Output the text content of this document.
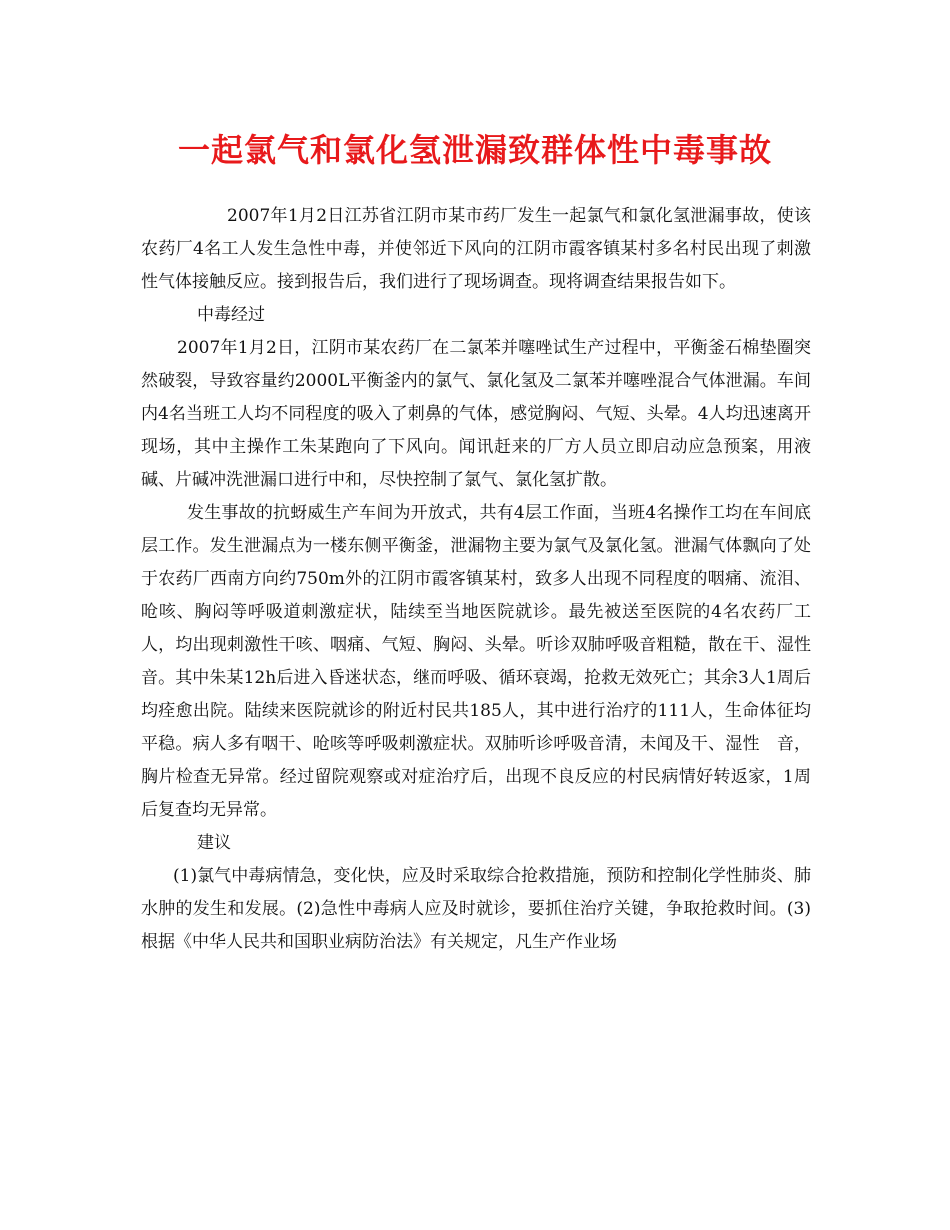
一起氯气和氯化氢泄漏致群体性中毒事故

2007年1月2日江苏省江阴市某市药厂发生一起氯气和氯化氢泄漏事故，使该农药厂4名工人发生急性中毒，并使邻近下风向的江阴市霞客镇某村多名村民出现了刺激性气体接触反应。接到报告后，我们进行了现场调查。现将调查结果报告如下。

中毒经过

2007年1月2日，江阴市某农药厂在二氯苯并噻唑试生产过程中，平衡釜石棉垫圈突然破裂，导致容量约2000L平衡釜内的氯气、氯化氢及二氯苯并噻唑混合气体泄漏。车间内4名当班工人均不同程度的吸入了刺鼻的气体，感觉胸闷、气短、头晕。4人均迅速离开现场，其中主操作工朱某跑向了下风向。闻讯赶来的厂方人员立即启动应急预案，用液碱、片碱冲洗泄漏口进行中和，尽快控制了氯气、氯化氢扩散。

发生事故的抗蚜威生产车间为开放式，共有4层工作面，当班4名操作工均在车间底层工作。发生泄漏点为一楼东侧平衡釜，泄漏物主要为氯气及氯化氢。泄漏气体飘向了处于农药厂西南方向约750m外的江阴市霞客镇某村，致多人出现不同程度的咽痛、流泪、呛咳、胸闷等呼吸道刺激症状，陆续至当地医院就诊。最先被送至医院的4名农药厂工人，均出现刺激性干咳、咽痛、气短、胸闷、头晕。听诊双肺呼吸音粗糙，散在干、湿性　音。其中朱某12h后进入昏迷状态，继而呼吸、循环衰竭，抢救无效死亡；其余3人1周后均痊愈出院。陆续来医院就诊的附近村民共185人，其中进行治疗的111人，生命体征均平稳。病人多有咽干、呛咳等呼吸刺激症状。双肺听诊呼吸音清，未闻及干、湿性　音，胸片检查无异常。经过留院观察或对症治疗后，出现不良反应的村民病情好转返家，1周后复查均无异常。

建议

(1)氯气中毒病情急，变化快，应及时采取综合抢救措施，预防和控制化学性肺炎、肺水肿的发生和发展。(2)急性中毒病人应及时就诊，要抓住治疗关键，争取抢救时间。(3)根据《中华人民共和国职业病防治法》有关规定，凡生产作业场
